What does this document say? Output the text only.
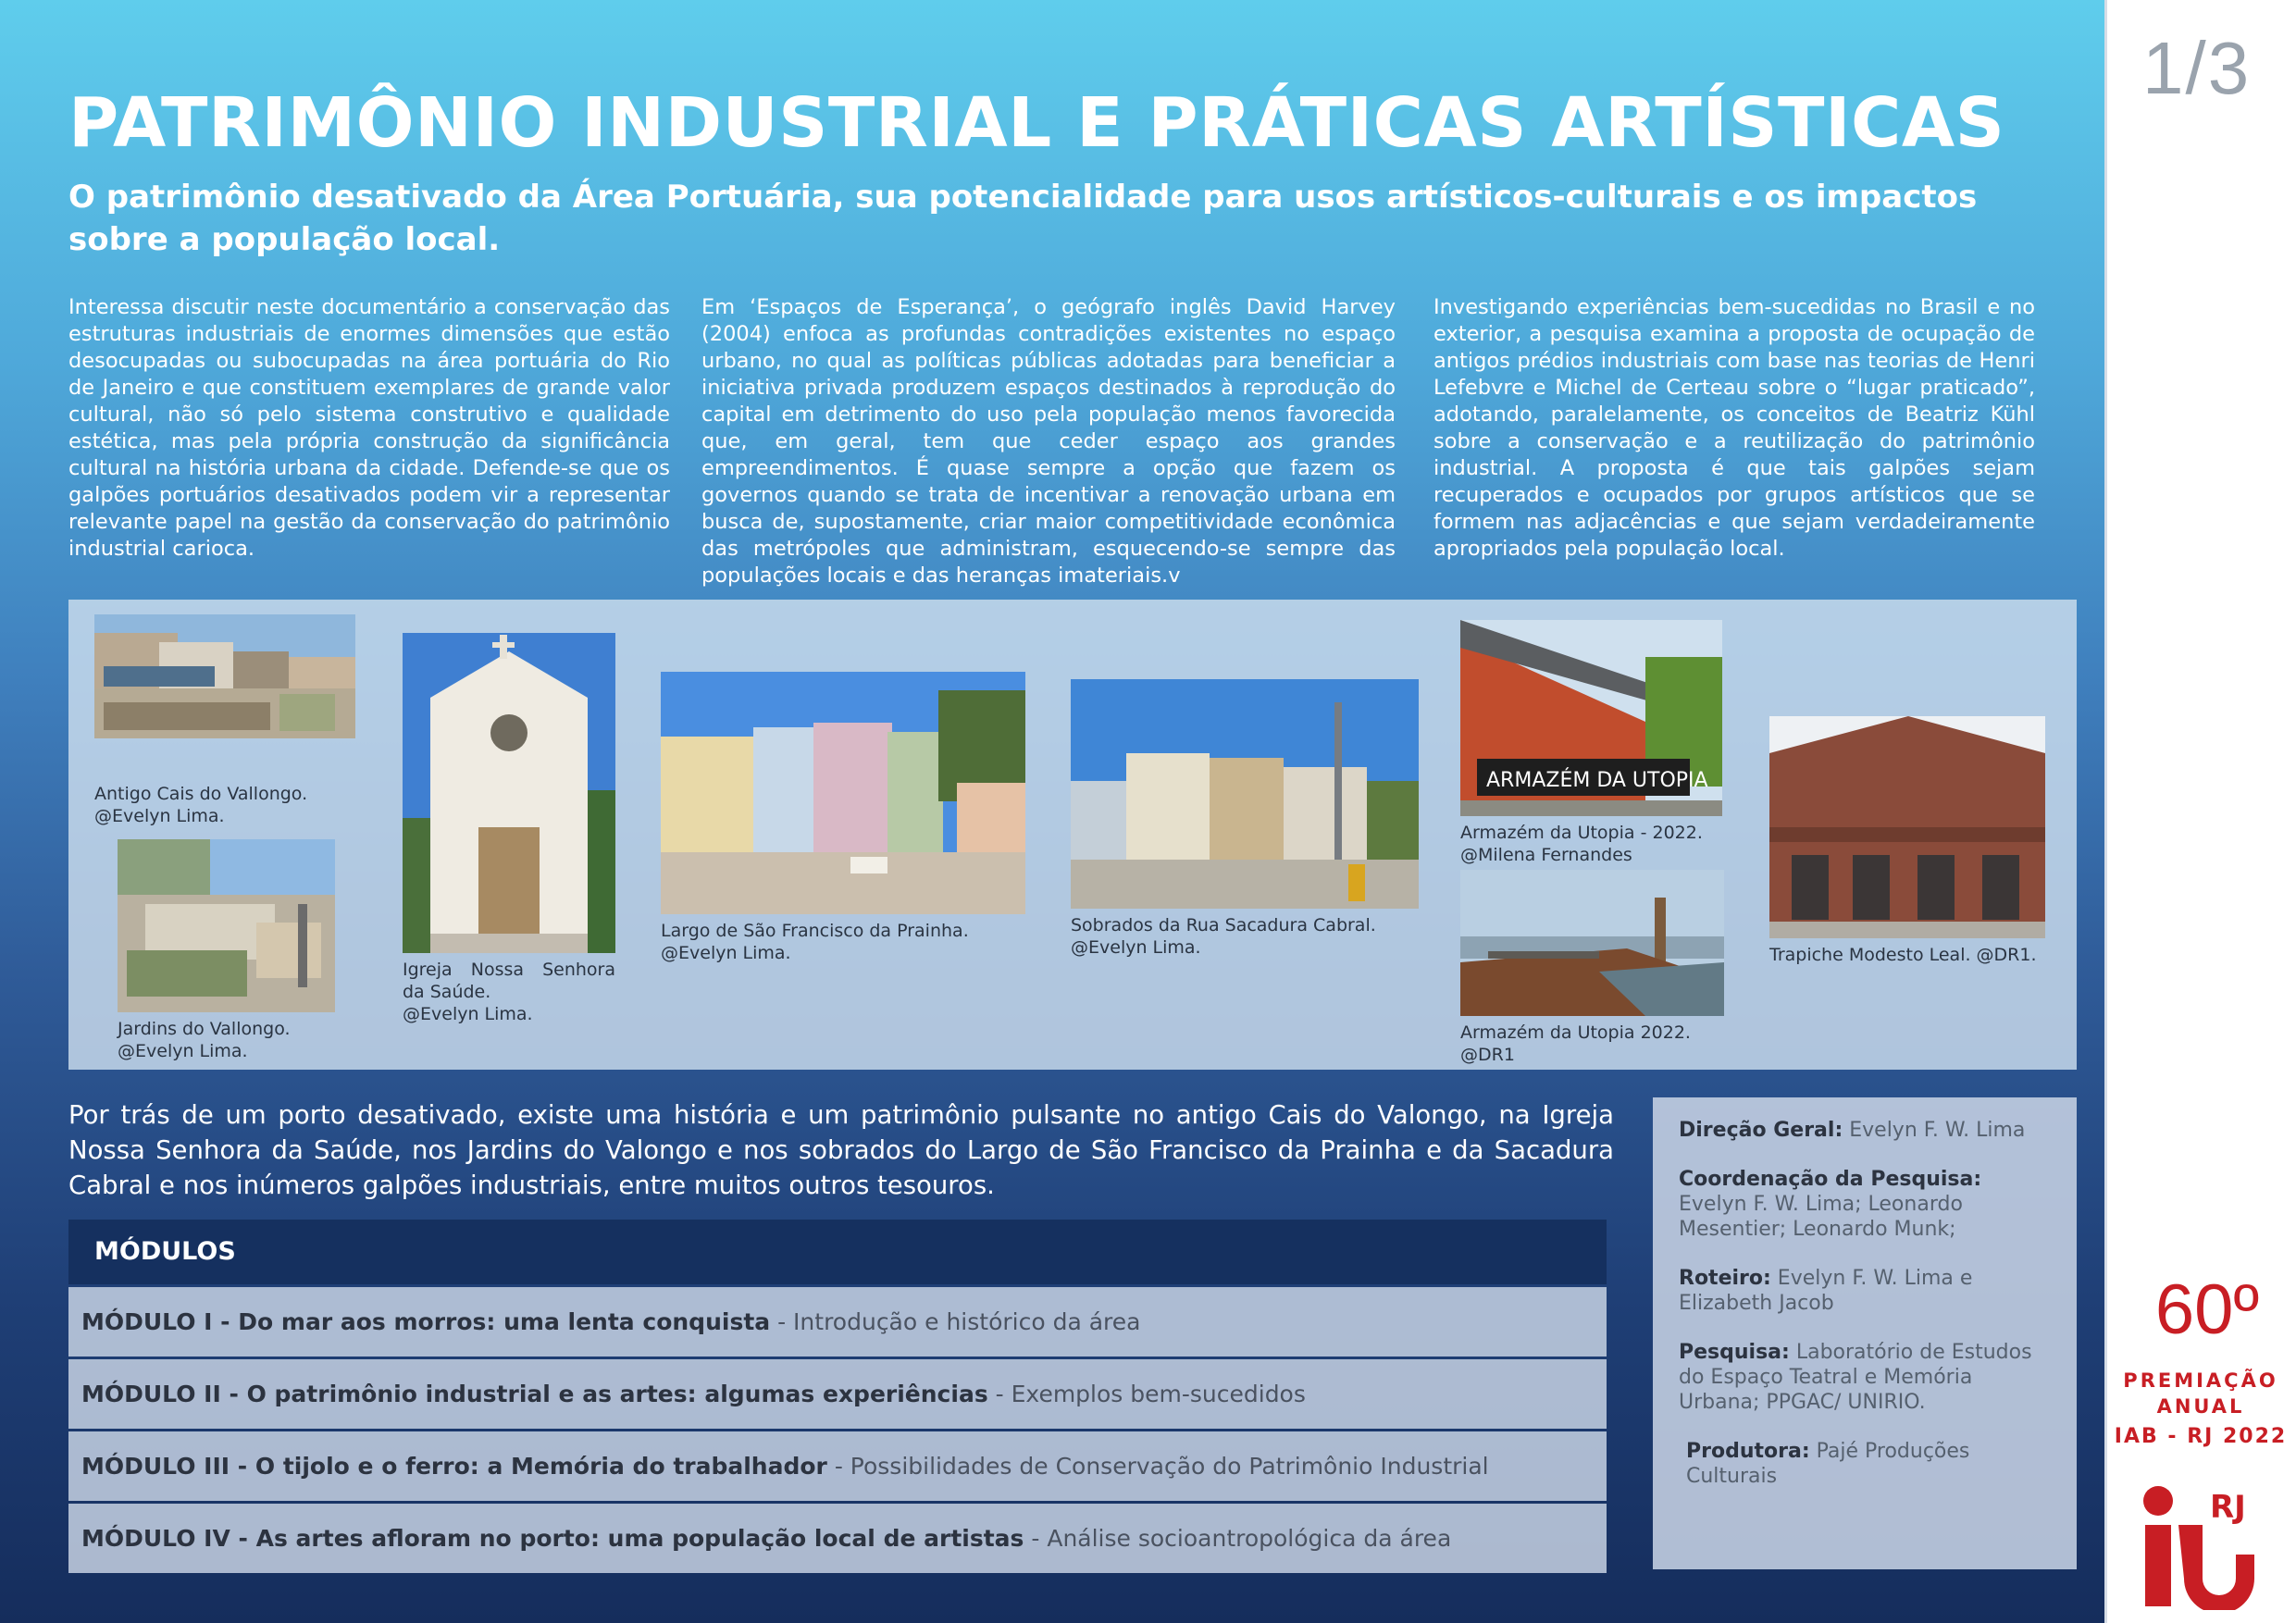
PATRIMÔNIO INDUSTRIAL E PRÁTICAS ARTÍSTICAS
O patrimônio desativado da Área Portuária, sua potencialidade para usos artísticos-culturais e os impactos sobre a população local.

Interessa discutir neste documentário a conservação das estruturas industriais de enormes dimensões que estão desocupadas ou subocupadas na área portuária do Rio de Janeiro e que constituem exemplares de grande valor cultural, não só pelo sistema construtivo e qualidade estética, mas pela própria construção da significância cultural na história urbana da cidade. Defende-se que os galpões portuários desativados podem vir a representar relevante papel na gestão da conservação do patrimônio industrial carioca.

Em ‘Espaços de Esperança’, o geógrafo inglês David Harvey (2004) enfoca as profundas contradições existentes no espaço urbano, no qual as políticas públicas adotadas para beneficiar a iniciativa privada produzem espaços destinados à reprodução do capital em detrimento do uso pela população menos favorecida que, em geral, tem que ceder espaço aos grandes empreendimentos. É quase sempre a opção que fazem os governos quando se trata de incentivar a renovação urbana em busca de, supostamente, criar maior competitividade econômica das metrópoles que administram, esquecendo-se sempre das populações locais e das heranças imateriais.v

Investigando experiências bem-sucedidas no Brasil e no exterior, a pesquisa examina a proposta de ocupação de antigos prédios industriais com base nas teorias de Henri Lefebvre e Michel de Certeau sobre o “lugar praticado”, adotando, paralelamente, os conceitos de Beatriz Kühl sobre a conservação e a reutilização do patrimônio industrial. A proposta é que tais galpões sejam recuperados e ocupados por grupos artísticos que se formem nas adjacências e que sejam verdadeiramente apropriados pela população local.

Antigo Cais do Vallongo.
@Evelyn Lima.
Jardins do Vallongo.
@Evelyn Lima.
Igreja Nossa Senhora
da Saúde.
@Evelyn Lima.
Largo de São Francisco da Prainha.
@Evelyn Lima.
Sobrados da Rua Sacadura Cabral.
@Evelyn Lima.
ARMAZÉM DA UTOPIA
Armazém da Utopia - 2022.
@Milena Fernandes
Armazém da Utopia 2022.
@DR1
Trapiche Modesto Leal. @DR1.

Por trás de um porto desativado, existe uma história e um patrimônio pulsante no antigo Cais do Valongo, na Igreja Nossa Senhora da Saúde, nos Jardins do Valongo e nos sobrados do Largo de São Francisco da Prainha e da Sacadura Cabral e nos inúmeros galpões industriais, entre muitos outros tesouros.

MÓDULOS
MÓDULO I - Do mar aos morros: uma lenta conquista - Introdução e histórico da área
MÓDULO II - O patrimônio industrial e as artes: algumas experiências - Exemplos bem-sucedidos
MÓDULO III - O tijolo e o ferro: a Memória do trabalhador - Possibilidades de Conservação do Patrimônio Industrial
MÓDULO IV - As artes afloram no porto: uma população local de artistas - Análise socioantropológica da área

Direção Geral: Evelyn F. W. Lima

Coordenação da Pesquisa: Evelyn F. W. Lima; Leonardo Mesentier; Leonardo Munk;

Roteiro: Evelyn F. W. Lima e Elizabeth Jacob

Pesquisa: Laboratório de Estudos do Espaço Teatral e Memória Urbana; PPGAC/ UNIRIO.

Produtora: Pajé Produções Culturais

1/3
60º
PREMIAÇÃO
ANUAL
IAB - RJ 2022
RJ
